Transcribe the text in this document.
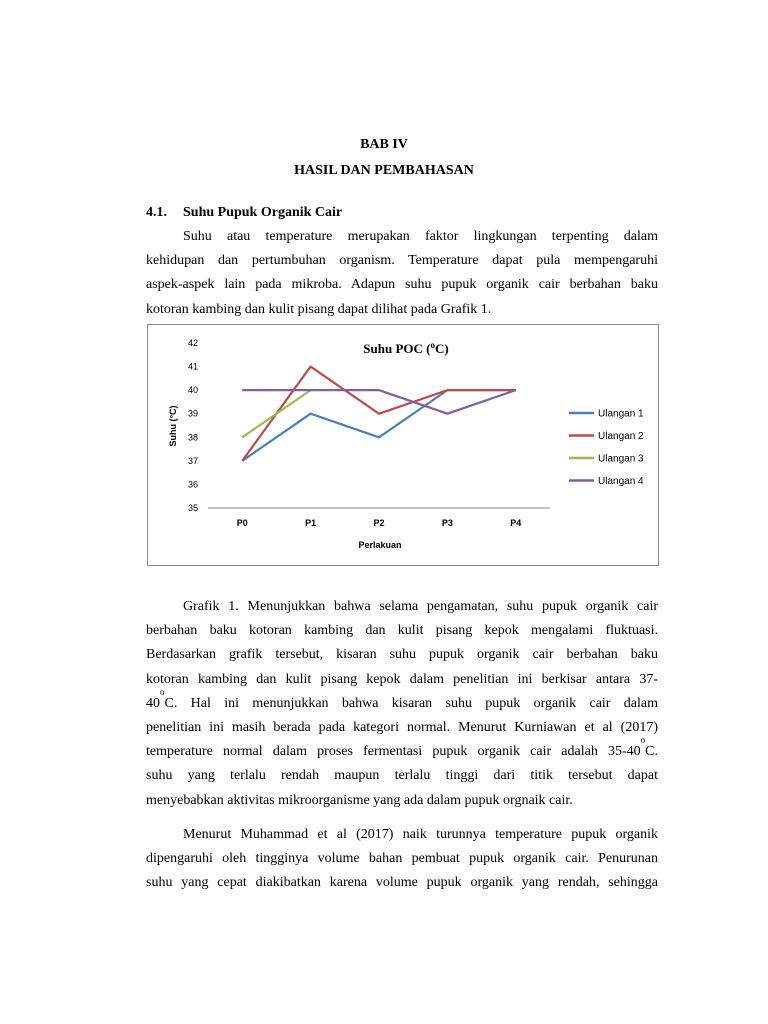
BAB IV
HASIL DAN PEMBAHASAN
4.1. Suhu Pupuk Organik Cair
Suhu atau temperature merupakan faktor lingkungan terpenting dalam
kehidupan dan pertumbuhan organism. Temperature dapat pula mempengaruhi
aspek-aspek lain pada mikroba. Adapun suhu pupuk organik cair berbahan baku
kotoran kambing dan kulit pisang dapat dilihat pada Grafik 1.
Suhu POC ($^o$C)
35
36
37
38
39
40
41
42
P0	P1	P2	P3	P4
Ulangan 1
Ulangan 2
Ulangan 3
Ulangan 4
Suhu (°C)
Perlakuan
Grafik 1. Menunjukkan bahwa selama pengamatan, suhu pupuk organik cair
berbahan baku kotoran kambing dan kulit pisang kepok mengalami fluktuasi.
Berdasarkan grafik tersebut, kisaran suhu pupuk organik cair berbahan baku
kotoran kambing dan kulit pisang kepok dalam penelitian ini berkisar antara 37-
40
o
C. Hal ini menunjukkan bahwa kisaran suhu pupuk organik cair dalam
penelitian ini masih berada pada kategori normal. Menurut Kurniawan et al (2017)
temperature normal dalam proses fermentasi pupuk organik cair adalah 35-40
o
C.
suhu yang terlalu rendah maupun terlalu tinggi dari titik tersebut dapat
menyebabkan aktivitas mikroorganisme yang ada dalam pupuk orgnaik cair.
Menurut Muhammad et al (2017) naik turunnya temperature pupuk organik
dipengaruhi oleh tingginya volume bahan pembuat pupuk organik cair. Penurunan
suhu yang cepat diakibatkan karena volume pupuk organik yang rendah, sehingga
